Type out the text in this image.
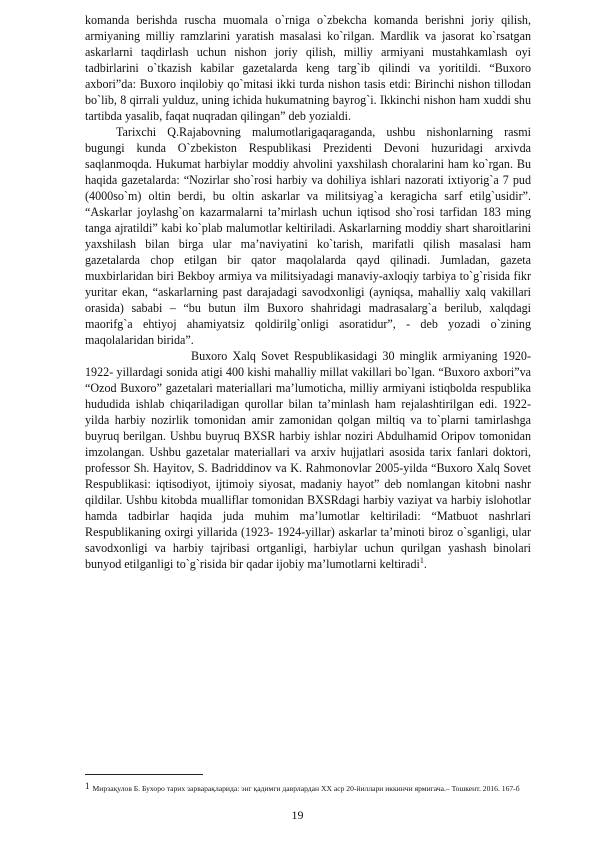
komanda berishda ruscha muomala o`rniga o`zbekcha komanda berishni joriy qilish, armiyaning milliy ramzlarini yaratish masalasi ko`rilgan. Mardlik va jasorat ko`rsatgan askarlarni taqdirlash uchun nishon joriy qilish, milliy armiyani mustahkamlash oyi tadbirlarini o`tkazish kabilar gazetalarda keng targ`ib qilindi va yoritildi. “Buxoro axbori”da: Buxoro inqilobiy qo`mitasi ikki turda nishon tasis etdi: Birinchi nishon tillodan bo`lib, 8 qirrali yulduz, uning ichida hukumatning bayrog`i. Ikkinchi nishon ham xuddi shu tartibda yasalib, faqat nuqradan qilingan” deb yozialdi.

Tarixchi Q.Rajabovning malumotlarigaqaraganda, ushbu nishonlarning rasmi bugungi kunda O`zbekiston Respublikasi Prezidenti Devoni huzuridagi arxivda saqlanmoqda. Hukumat harbiylar moddiy ahvolini yaxshilash choralarini ham ko`rgan. Bu haqida gazetalarda: “Nozirlar sho`rosi harbiy va dohiliya ishlari nazorati ixtiyorig`a 7 pud (4000so`m) oltin berdi, bu oltin askarlar va militsiyag`a keragicha sarf etilg`usidir”. “Askarlar joylashg`on kazarmalarni ta’mirlash uchun iqtisod sho`rosi tarfidan 183 ming tanga ajratildi” kabi ko`plab malumotlar keltiriladi. Askarlarning moddiy shart sharoitlarini yaxshilash bilan birga ular ma’naviyatini ko`tarish, marifatli qilish masalasi ham gazetalarda chop etilgan bir qator maqolalarda qayd qilinadi. Jumladan, gazeta muxbirlaridan biri Bekboy armiya va militsiyadagi manaviy-axloqiy tarbiya to`g`risida fikr yuritar ekan, “askarlarning past darajadagi savodxonligi (ayniqsa, mahalliy xalq vakillari orasida) sababi – “bu butun ilm Buxoro shahridagi madrasalarg`a berilub, xalqdagi maorifg`a ehtiyoj ahamiyatsiz qoldirilg`onligi asoratidur”, - deb yozadi o`zining maqolalaridan birida”.

Buxoro Xalq Sovet Respublikasidagi 30 minglik armiyaning 1920-1922- yillardagi sonida atigi 400 kishi mahalliy millat vakillari bo`lgan. “Buxoro axbori”va “Ozod Buxoro” gazetalari materiallari ma’lumoticha, milliy armiyani istiqbolda respublika hududida ishlab chiqariladigan qurollar bilan ta’minlash ham rejalashtirilgan edi. 1922-yilda harbiy nozirlik tomonidan amir zamonidan qolgan miltiq va to`plarni tamirlashga buyruq berilgan. Ushbu buyruq BXSR harbiy ishlar noziri Abdulhamid Oripov tomonidan imzolangan. Ushbu gazetalar materiallari va arxiv hujjatlari asosida tarix fanlari doktori, professor Sh. Hayitov, S. Badriddinov va K. Rahmonovlar 2005-yilda “Buxoro Xalq Sovet Respublikasi: iqtisodiyot, ijtimoiy siyosat, madaniy hayot” deb nomlangan kitobni nashr qildilar. Ushbu kitobda mualliflar tomonidan BXSRdagi harbiy vaziyat va harbiy islohotlar hamda tadbirlar haqida juda muhim ma’lumotlar keltiriladi: “Matbuot nashrlari Respublikaning oxirgi yillarida (1923- 1924-yillar) askarlar ta’minoti biroz o`sganligi, ular savodxonligi va harbiy tajribasi ortganligi, harbiylar uchun qurilgan yashash binolari bunyod etilganligi to`g`risida bir qadar ijobiy ma’lumotlarni keltiradi$^1$.

1 Мирзақулов Б. Бухоро тарих зарварақларида: энг қадимги даврлардан ХХ аср 20-йиллари иккинчи ярмигача.– Тошкент. 2016. 167-б

19
